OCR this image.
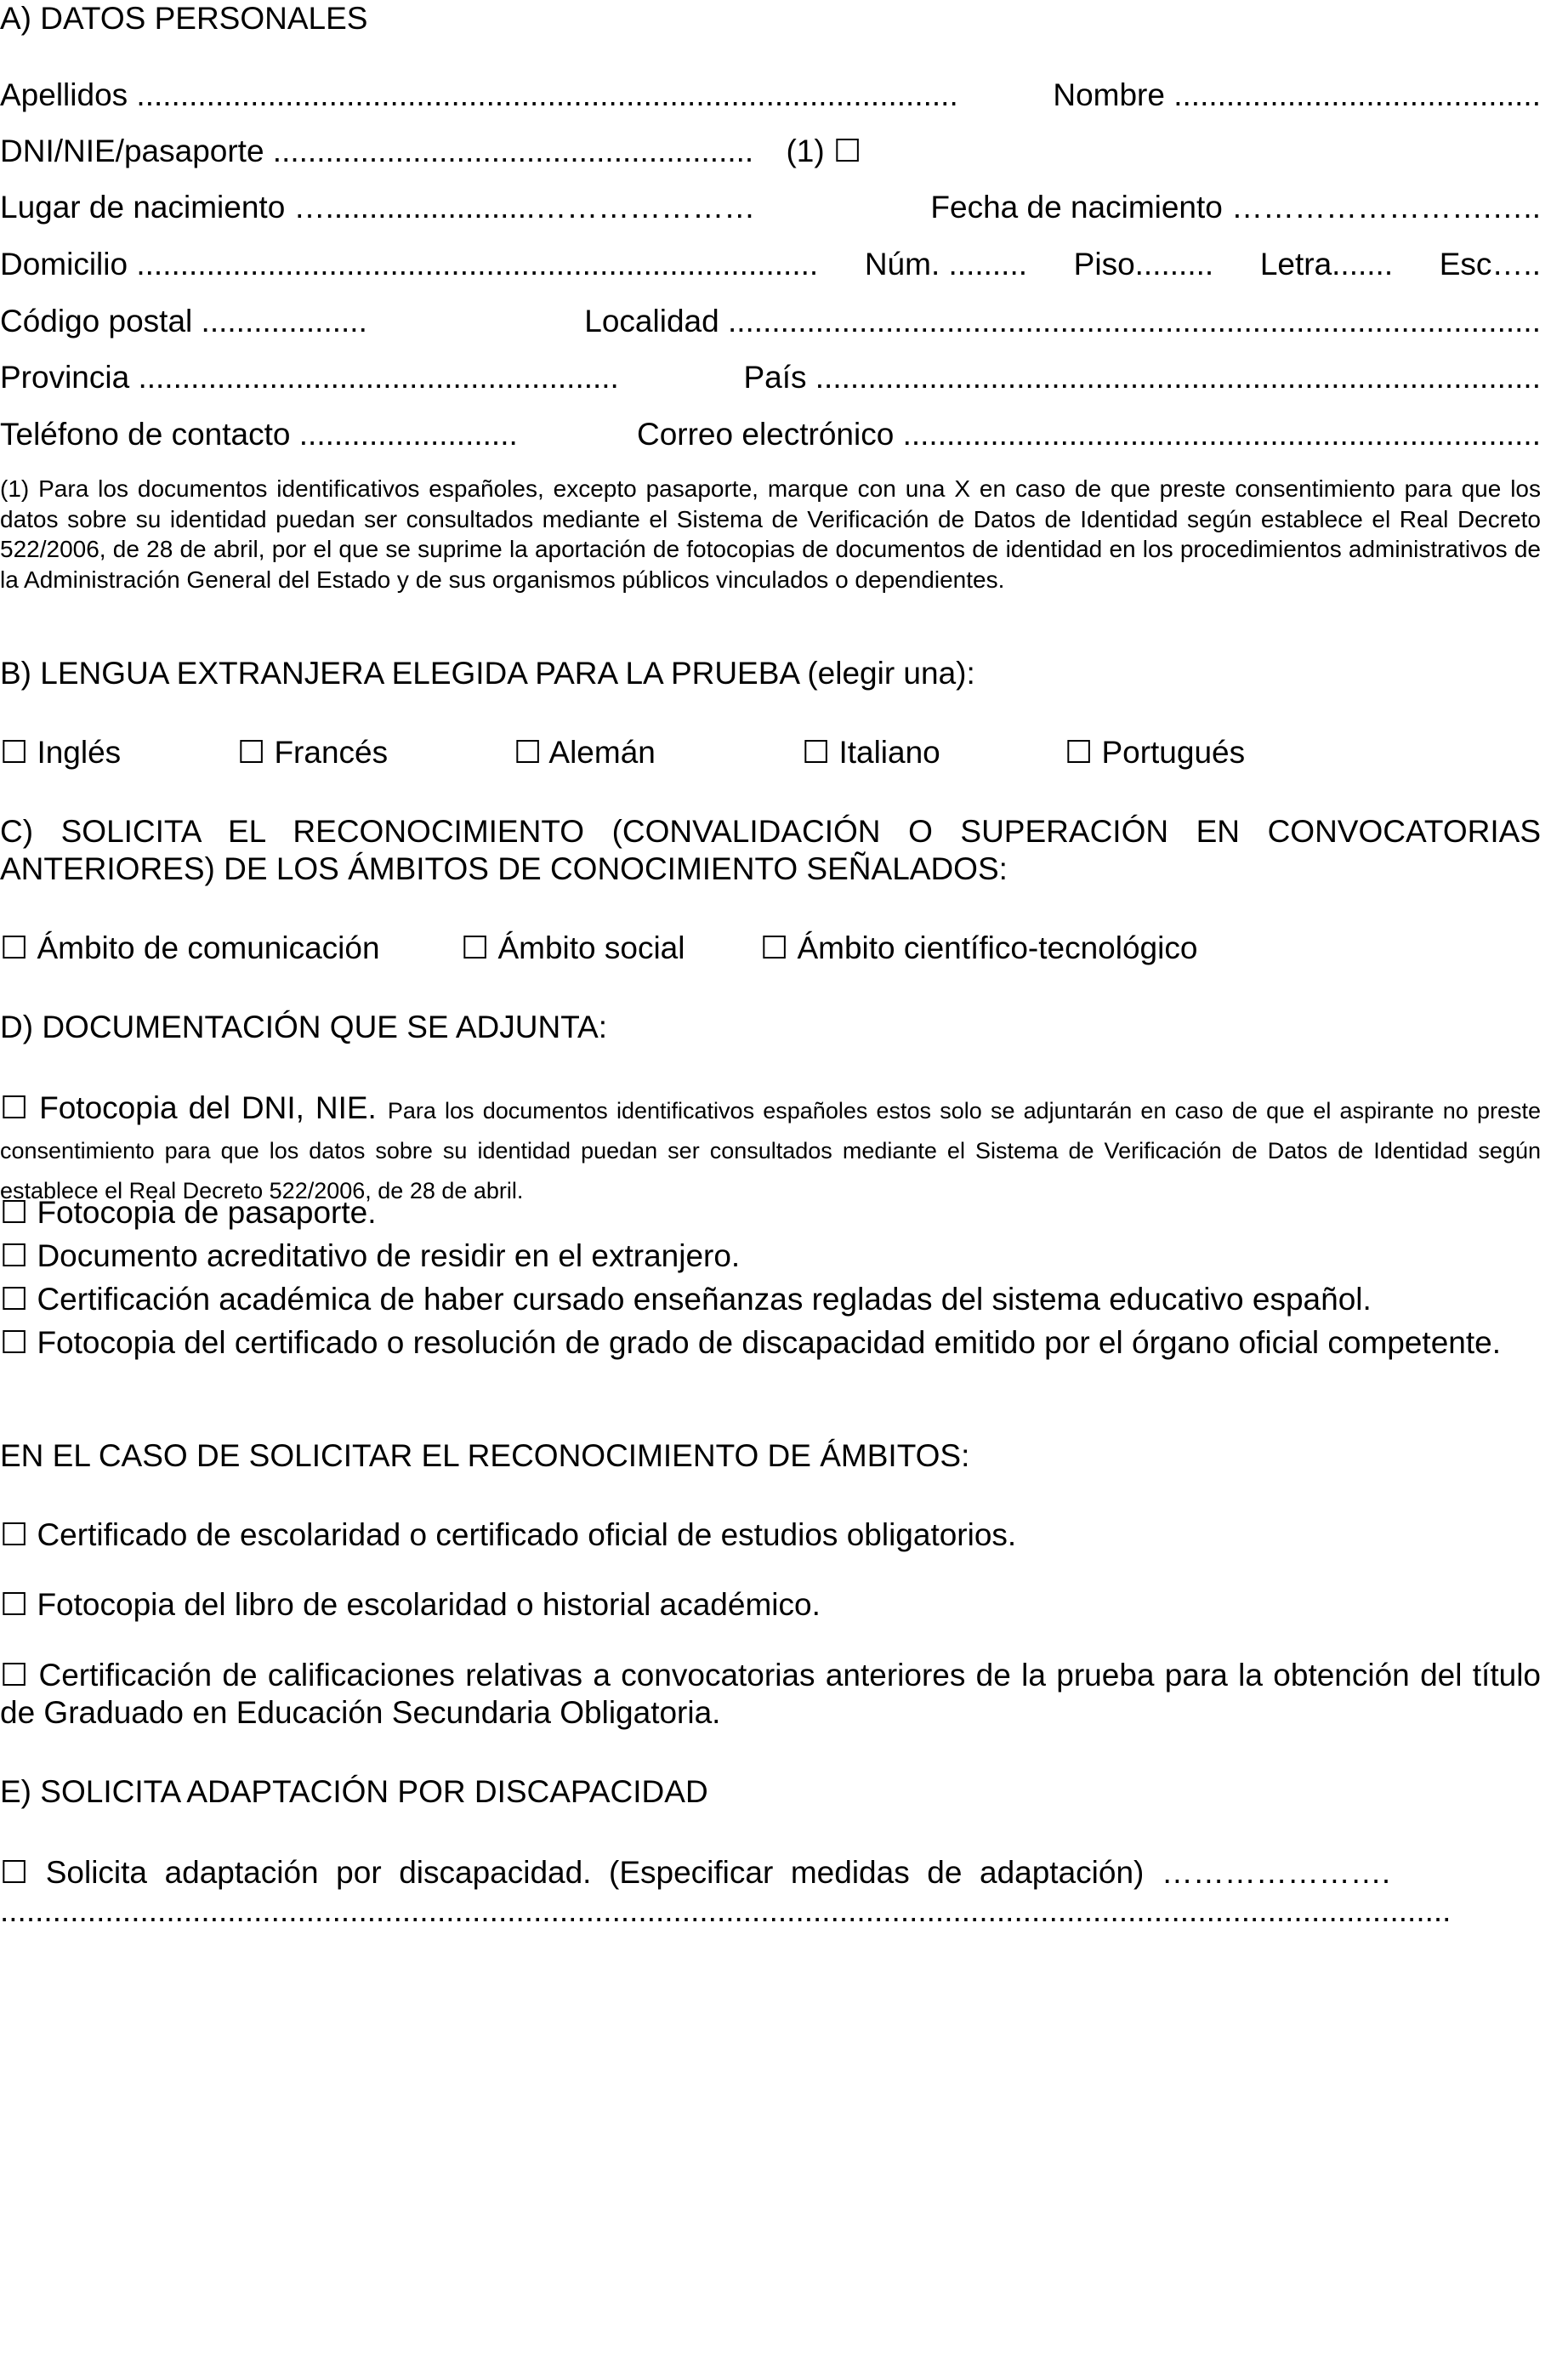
A) DATOS PERSONALES
Apellidos ..............................................................................................	Nombre ..........................................
DNI/NIE/pasaporte ....................................................... (1) ☐
Lugar de nacimiento …........................…………………	Fecha de nacimiento …………………….…..
Domicilio .............................................................................. Núm. ......... Piso......... Letra....... Esc…..
Código postal ...................	Localidad .............................................................................................
Provincia .......................................................	País ...................................................................................
Teléfono de contacto .........................	Correo electrónico .........................................................................
(1) Para los documentos identificativos españoles, excepto pasaporte, marque con una X en caso de que preste consentimiento para que los datos sobre su identidad puedan ser consultados mediante el Sistema de Verificación de Datos de Identidad según establece el Real Decreto 522/2006, de 28 de abril, por el que se suprime la aportación de fotocopias de documentos de identidad en los procedimientos administrativos de la Administración General del Estado y de sus organismos públicos vinculados o dependientes.
B) LENGUA EXTRANJERA ELEGIDA PARA LA PRUEBA (elegir una):
☐ Inglés	☐ Francés	☐ Alemán	☐ Italiano	☐ Portugués
C) SOLICITA EL RECONOCIMIENTO (CONVALIDACIÓN O SUPERACIÓN EN CONVOCATORIAS ANTERIORES) DE LOS ÁMBITOS DE CONOCIMIENTO SEÑALADOS:
☐ Ámbito de comunicación	☐ Ámbito social ☐ Ámbito científico-tecnológico
D) DOCUMENTACIÓN QUE SE ADJUNTA:
☐ Fotocopia del DNI, NIE. Para los documentos identificativos españoles estos solo se adjuntarán en caso de que el aspirante no preste consentimiento para que los datos sobre su identidad puedan ser consultados mediante el Sistema de Verificación de Datos de Identidad según establece el Real Decreto 522/2006, de 28 de abril.
☐ Fotocopia de pasaporte.
☐ Documento acreditativo de residir en el extranjero.
☐ Certificación académica de haber cursado enseñanzas regladas del sistema educativo español.
☐ Fotocopia del certificado o resolución de grado de discapacidad emitido por el órgano oficial competente.
EN EL CASO DE SOLICITAR EL RECONOCIMIENTO DE ÁMBITOS:
☐ Certificado de escolaridad o certificado oficial de estudios obligatorios.
☐ Fotocopia del libro de escolaridad o historial académico.
☐ Certificación de calificaciones relativas a convocatorias anteriores de la prueba para la obtención del título de Graduado en Educación Secundaria Obligatoria.
E) SOLICITA ADAPTACIÓN POR DISCAPACIDAD
☐  Solicita  adaptación  por  discapacidad.  (Especificar  medidas  de  adaptación)  ………………….
......................................................................................................................................................................
